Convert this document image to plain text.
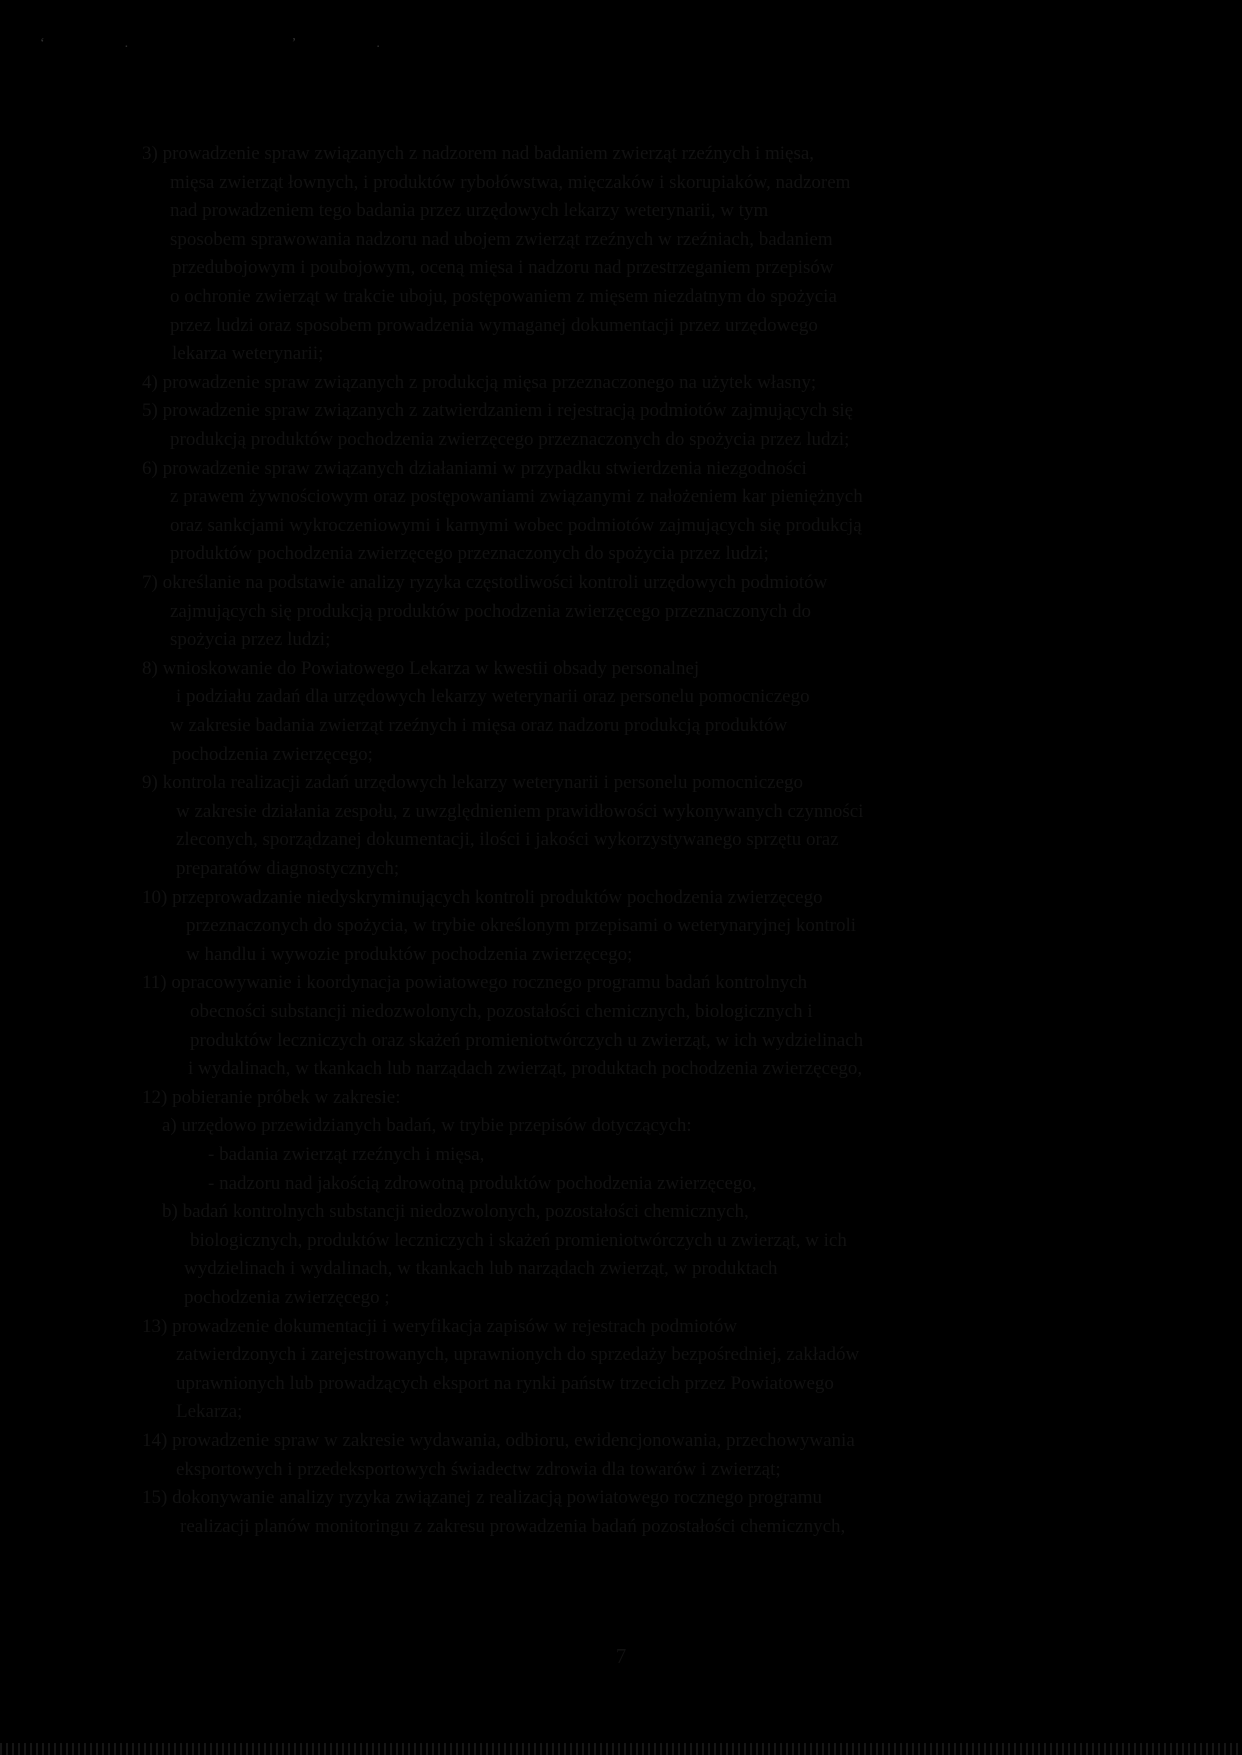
‘. ’.
3) prowadzenie spraw związanych z nadzorem nad badaniem zwierząt rzeźnych i mięsa,
mięsa zwierząt łownych, i produktów rybołówstwa, mięczaków i skorupiaków, nadzorem
nad prowadzeniem tego badania przez urzędowych lekarzy weterynarii, w tym
sposobem sprawowania nadzoru nad ubojem zwierząt rzeźnych w rzeźniach, badaniem
przedubojowym i poubojowym, oceną mięsa i nadzoru nad przestrzeganiem przepisów
o ochronie zwierząt w trakcie uboju, postępowaniem z mięsem niezdatnym do spożycia
przez ludzi oraz sposobem prowadzenia wymaganej dokumentacji przez urzędowego
lekarza weterynarii;
4) prowadzenie spraw związanych z produkcją mięsa przeznaczonego na użytek własny;
5) prowadzenie spraw związanych z zatwierdzaniem i rejestracją podmiotów zajmujących się
produkcją produktów pochodzenia zwierzęcego przeznaczonych do spożycia przez ludzi;
6) prowadzenie spraw związanych działaniami w przypadku stwierdzenia niezgodności
z prawem żywnościowym oraz postępowaniami związanymi z nałożeniem kar pieniężnych
oraz sankcjami wykroczeniowymi i karnymi wobec podmiotów zajmujących się produkcją
produktów pochodzenia zwierzęcego przeznaczonych do spożycia przez ludzi;
7) określanie na podstawie analizy ryzyka częstotliwości kontroli urzędowych podmiotów
zajmujących się produkcją produktów pochodzenia zwierzęcego przeznaczonych do
spożycia przez ludzi;
8) wnioskowanie do Powiatowego Lekarza w kwestii obsady personalnej
i podziału zadań dla urzędowych lekarzy weterynarii oraz personelu pomocniczego
w zakresie badania zwierząt rzeźnych i mięsa oraz nadzoru produkcją produktów
pochodzenia zwierzęcego;
9) kontrola realizacji zadań urzędowych lekarzy weterynarii i personelu pomocniczego
w zakresie działania zespołu, z uwzględnieniem prawidłowości wykonywanych czynności
zleconych, sporządzanej dokumentacji, ilości i jakości wykorzystywanego sprzętu oraz
preparatów diagnostycznych;
10) przeprowadzanie niedyskryminujących kontroli produktów pochodzenia zwierzęcego
przeznaczonych do spożycia, w trybie określonym przepisami o weterynaryjnej kontroli
w handlu i wywozie produktów pochodzenia zwierzęcego;
11) opracowywanie i koordynacja powiatowego rocznego programu badań kontrolnych
obecności substancji niedozwolonych, pozostałości chemicznych, biologicznych i
produktów leczniczych oraz skażeń promieniotwórczych u zwierząt, w ich wydzielinach
i wydalinach, w tkankach lub narządach zwierząt, produktach pochodzenia zwierzęcego,
12) pobieranie próbek w zakresie:
a) urzędowo przewidzianych badań, w trybie przepisów dotyczących:
- badania zwierząt rzeźnych i mięsa,
- nadzoru nad jakością zdrowotną produktów pochodzenia zwierzęcego,
b) badań kontrolnych substancji niedozwolonych, pozostałości chemicznych,
biologicznych, produktów leczniczych i skażeń promieniotwórczych u zwierząt, w ich
wydzielinach i wydalinach, w tkankach lub narządach zwierząt, w produktach
pochodzenia zwierzęcego ;
13) prowadzenie dokumentacji i weryfikacja zapisów w rejestrach podmiotów
zatwierdzonych i zarejestrowanych, uprawnionych do sprzedaży bezpośredniej, zakładów
uprawnionych lub prowadzących eksport na rynki państw trzecich przez Powiatowego
Lekarza;
14) prowadzenie spraw w zakresie wydawania, odbioru, ewidencjonowania, przechowywania
eksportowych i przedeksportowych świadectw zdrowia dla towarów i zwierząt;
15) dokonywanie analizy ryzyka związanej z realizacją powiatowego rocznego programu
realizacji planów monitoringu z zakresu prowadzenia badań pozostałości chemicznych,
7
